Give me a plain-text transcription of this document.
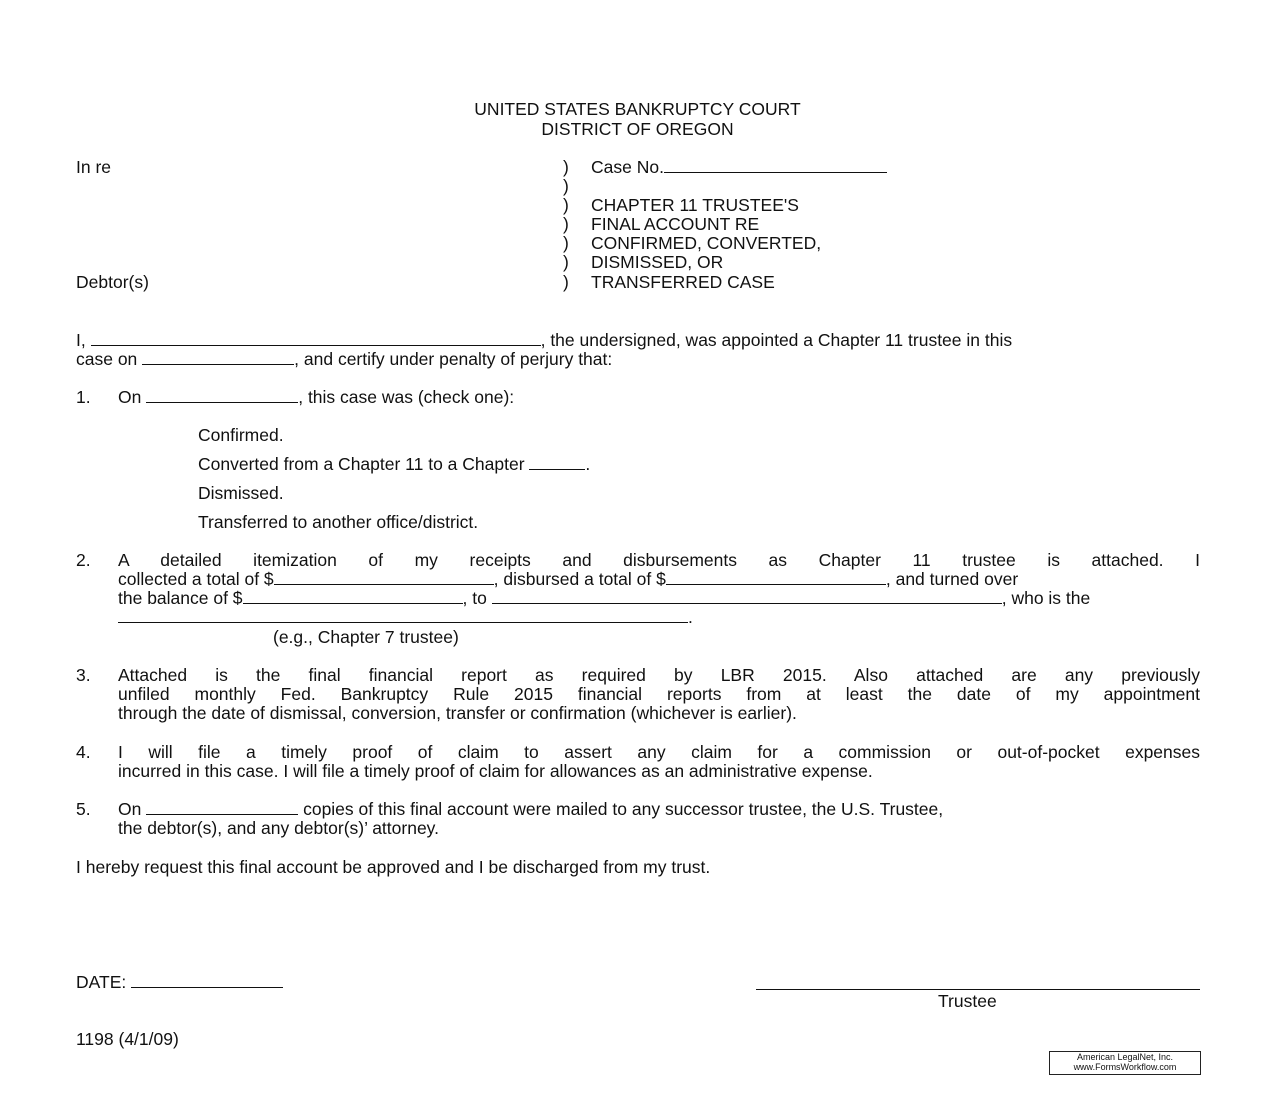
UNITED STATES BANKRUPTCY COURT
DISTRICT OF OREGON
In re
Debtor(s)
)
)
)
)
)
)
)
Case No.
CHAPTER 11 TRUSTEE'S
FINAL ACCOUNT RE
CONFIRMED, CONVERTED,
DISMISSED, OR
TRANSFERRED CASE
I,	, the undersigned, was appointed a Chapter 11 trustee in this
case on	, and certify under penalty of perjury that:
1. On	, this case was (check one):
Confirmed.
Converted from a Chapter 11 to a Chapter	.
Dismissed.
Transferred to another office/district.
2. A detailed itemization of my receipts and disbursements as Chapter 11 trustee is attached. I
collected a total of $	, disbursed a total of $	, and turned over
the balance of $	, to	, who is the
.
(e.g., Chapter 7 trustee)
3. Attached is the final financial report as required by LBR 2015. Also attached are any previously
unfiled monthly Fed. Bankruptcy Rule 2015 financial reports from at least the date of my appointment
through the date of dismissal, conversion, transfer or confirmation (whichever is earlier).
4. I will file a timely proof of claim to assert any claim for a commission or out-of-pocket expenses
incurred in this case. I will file a timely proof of claim for allowances as an administrative expense.
5. On	copies of this final account were mailed to any successor trustee, the U.S. Trustee,
the debtor(s), and any debtor(s)’ attorney.
I hereby request this final account be approved and I be discharged from my trust.
DATE:
Trustee
1198 (4/1/09)
American LegalNet, Inc.
www.FormsWorkflow.com
